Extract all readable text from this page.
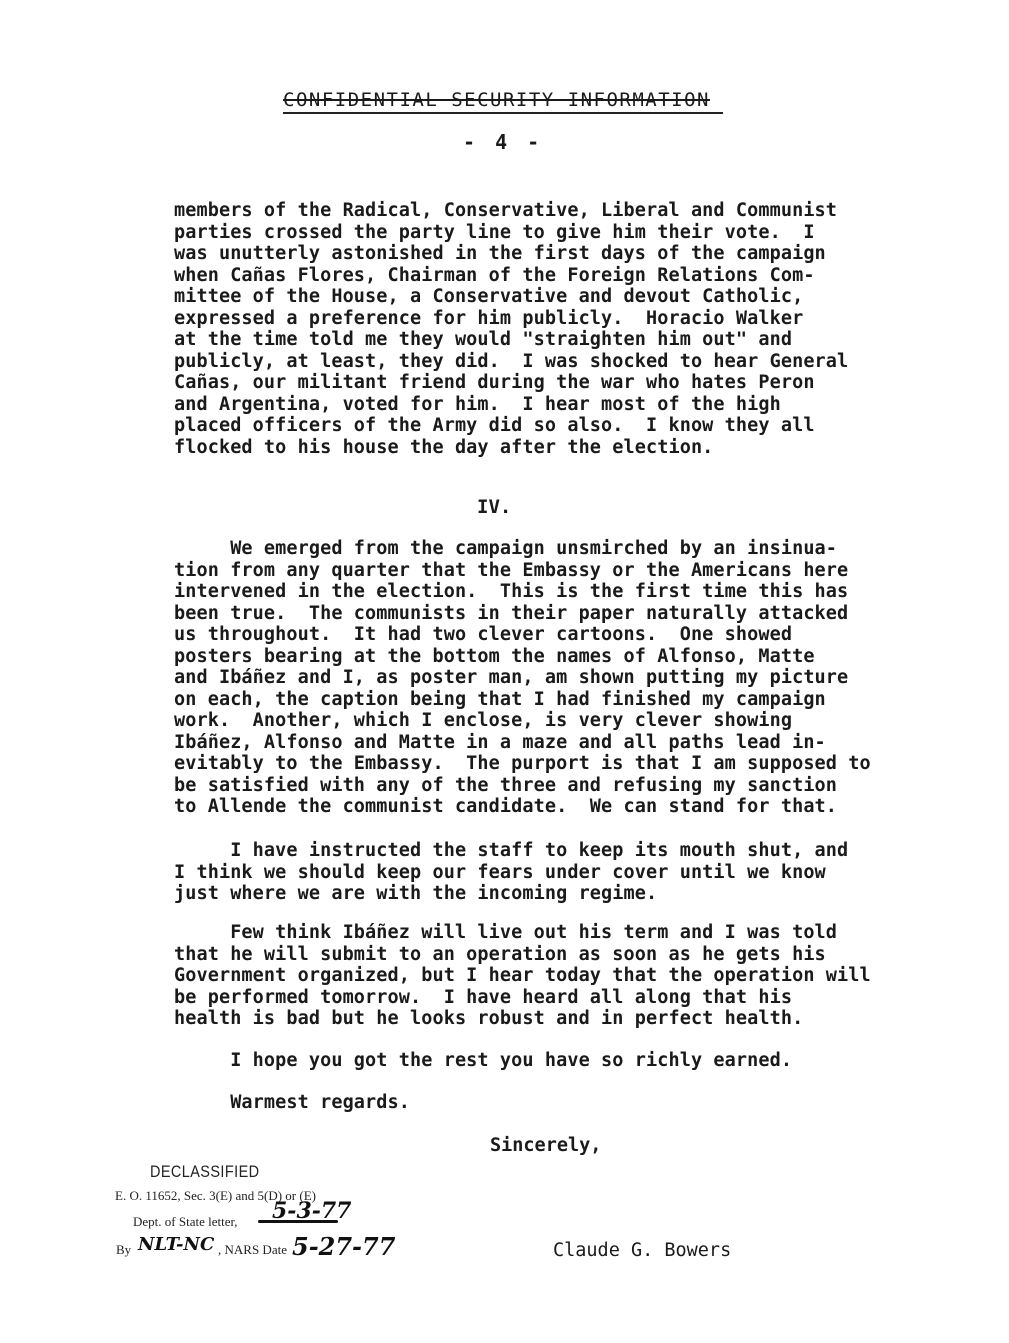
CONFIDENTIAL SECURITY INFORMATION
- 4 -

members of the Radical, Conservative, Liberal and Communist
parties crossed the party line to give him their vote.  I
was unutterly astonished in the first days of the campaign
when Cañas Flores, Chairman of the Foreign Relations Com-
mittee of the House, a Conservative and devout Catholic,
expressed a preference for him publicly.  Horacio Walker
at the time told me they would "straighten him out" and
publicly, at least, they did.  I was shocked to hear General
Cañas, our militant friend during the war who hates Peron
and Argentina, voted for him.  I hear most of the high
placed officers of the Army did so also.  I know they all
flocked to his house the day after the election.

IV.

We emerged from the campaign unsmirched by an insinua-
tion from any quarter that the Embassy or the Americans here
intervened in the election.  This is the first time this has
been true.  The communists in their paper naturally attacked
us throughout.  It had two clever cartoons.  One showed
posters bearing at the bottom the names of Alfonso, Matte
and Ibáñez and I, as poster man, am shown putting my picture
on each, the caption being that I had finished my campaign
work.  Another, which I enclose, is very clever showing
Ibáñez, Alfonso and Matte in a maze and all paths lead in-
evitably to the Embassy.  The purport is that I am supposed to
be satisfied with any of the three and refusing my sanction
to Allende the communist candidate.  We can stand for that.

I have instructed the staff to keep its mouth shut, and
I think we should keep our fears under cover until we know
just where we are with the incoming regime.

Few think Ibáñez will live out his term and I was told
that he will submit to an operation as soon as he gets his
Government organized, but I hear today that the operation will
be performed tomorrow.  I have heard all along that his
health is bad but he looks robust and in perfect health.

I hope you got the rest you have so richly earned.

Warmest regards.

Sincerely,
Claude G. Bowers
DECLASSIFIED
E. O. 11652, Sec. 3(E) and 5(D) or (E)
Dept. of State letter, 5-3-77
By NLT-NC , NARS Date 5-27-77
